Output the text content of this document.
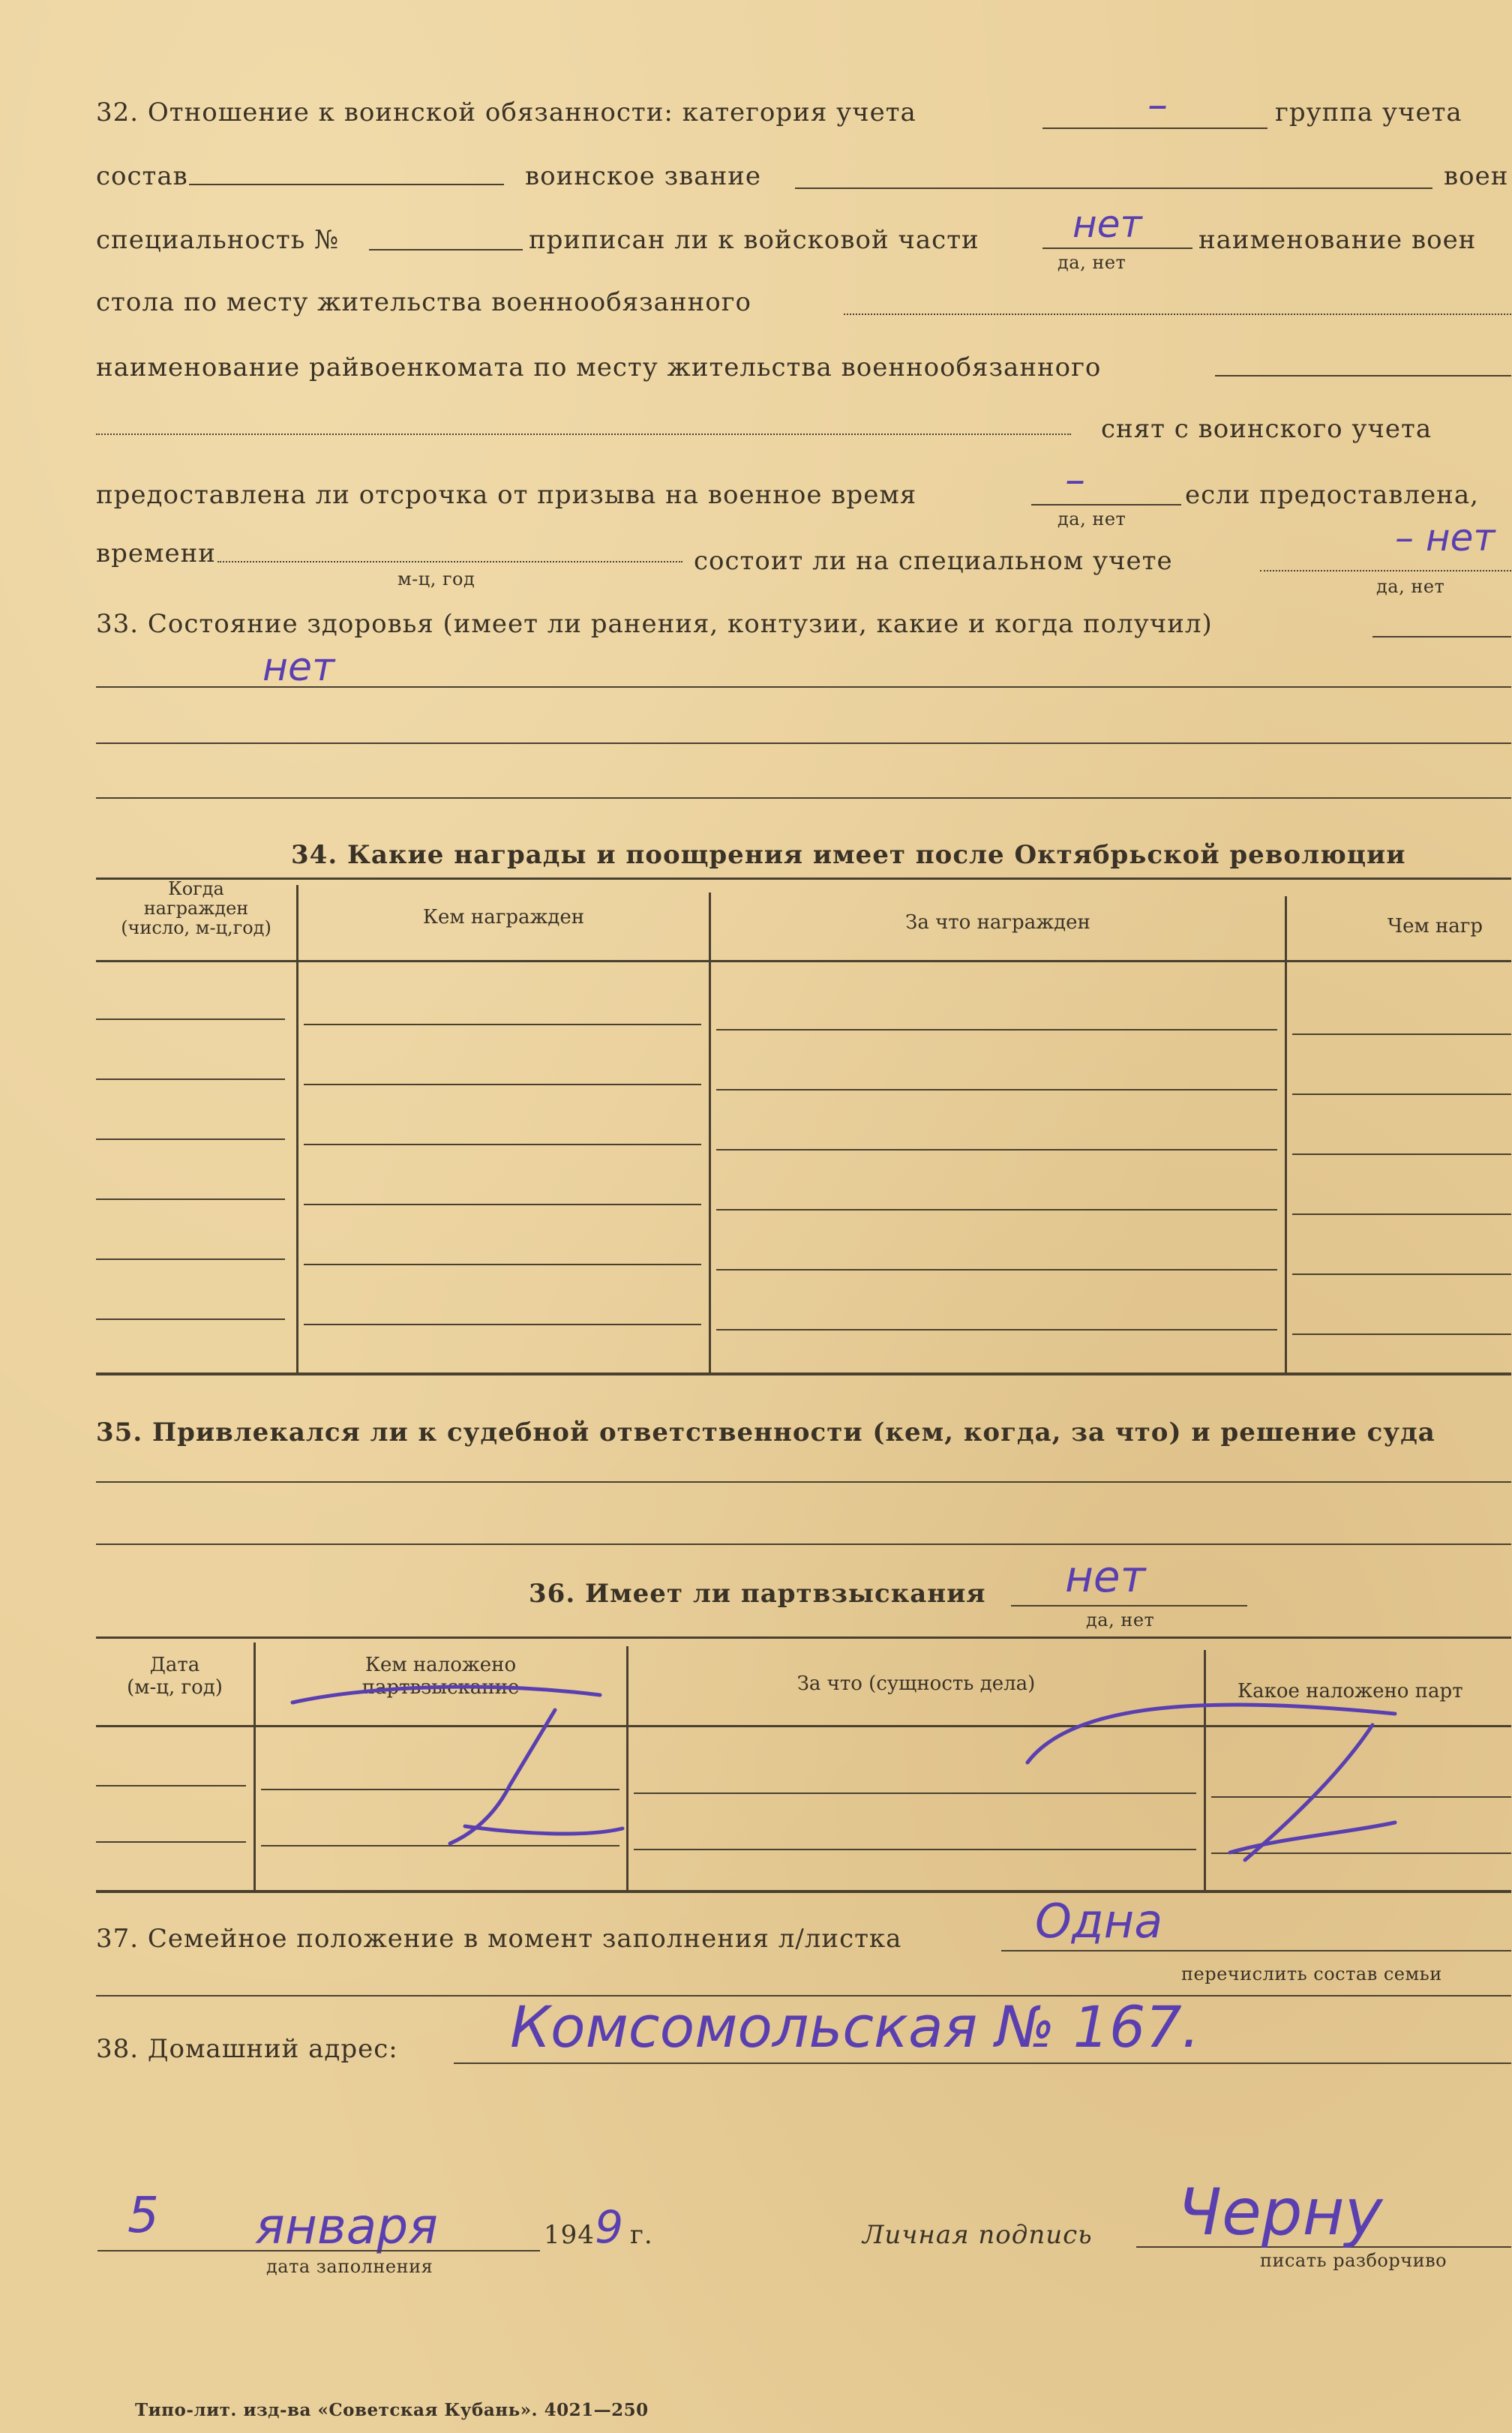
32. Отношение к воинской обязанности: категория учета	–	группа учета
состав	воинское звание	воен
специальность №	приписан ли к войсковой части нет
да, нет
наименование воен
стола по месту жительства военнообязанного
наименование райвоенкомата по месту жительства военнообязанного
снят с воинского учета
предоставлена ли отсрочка от призыва на военное время	–
да, нет
если предоставлена,
времени
м-ц, год
состоит ли на специальном учете
– нет
да, нет
33. Состояние здоровья (имеет ли ранения, контузии, какие и когда получил)
нет
34. Какие награды и поощрения имеет после Октябрьской революции
Когда
награжден
(число, м-ц,год)	Кем награжден	За что награжден	Чем нагр
35. Привлекался ли к судебной ответственности (кем, когда, за что) и решение суда
36. Имеет ли партвзыскания нет
да, нет
Дата
(м-ц, год)
Кем наложено
партвзыскание	За что (сущность дела)	Какое наложено парт
37. Семейное положение в момент заполнения л/листка	Одна
перечислить состав семьи
38. Домашний адрес: Комсомольская № 167.
5 января	194 9 г.
дата заполнения
Личная подпись Черну
писать разборчиво
Типо-лит. изд-ва «Советская Кубань». 4021—250
